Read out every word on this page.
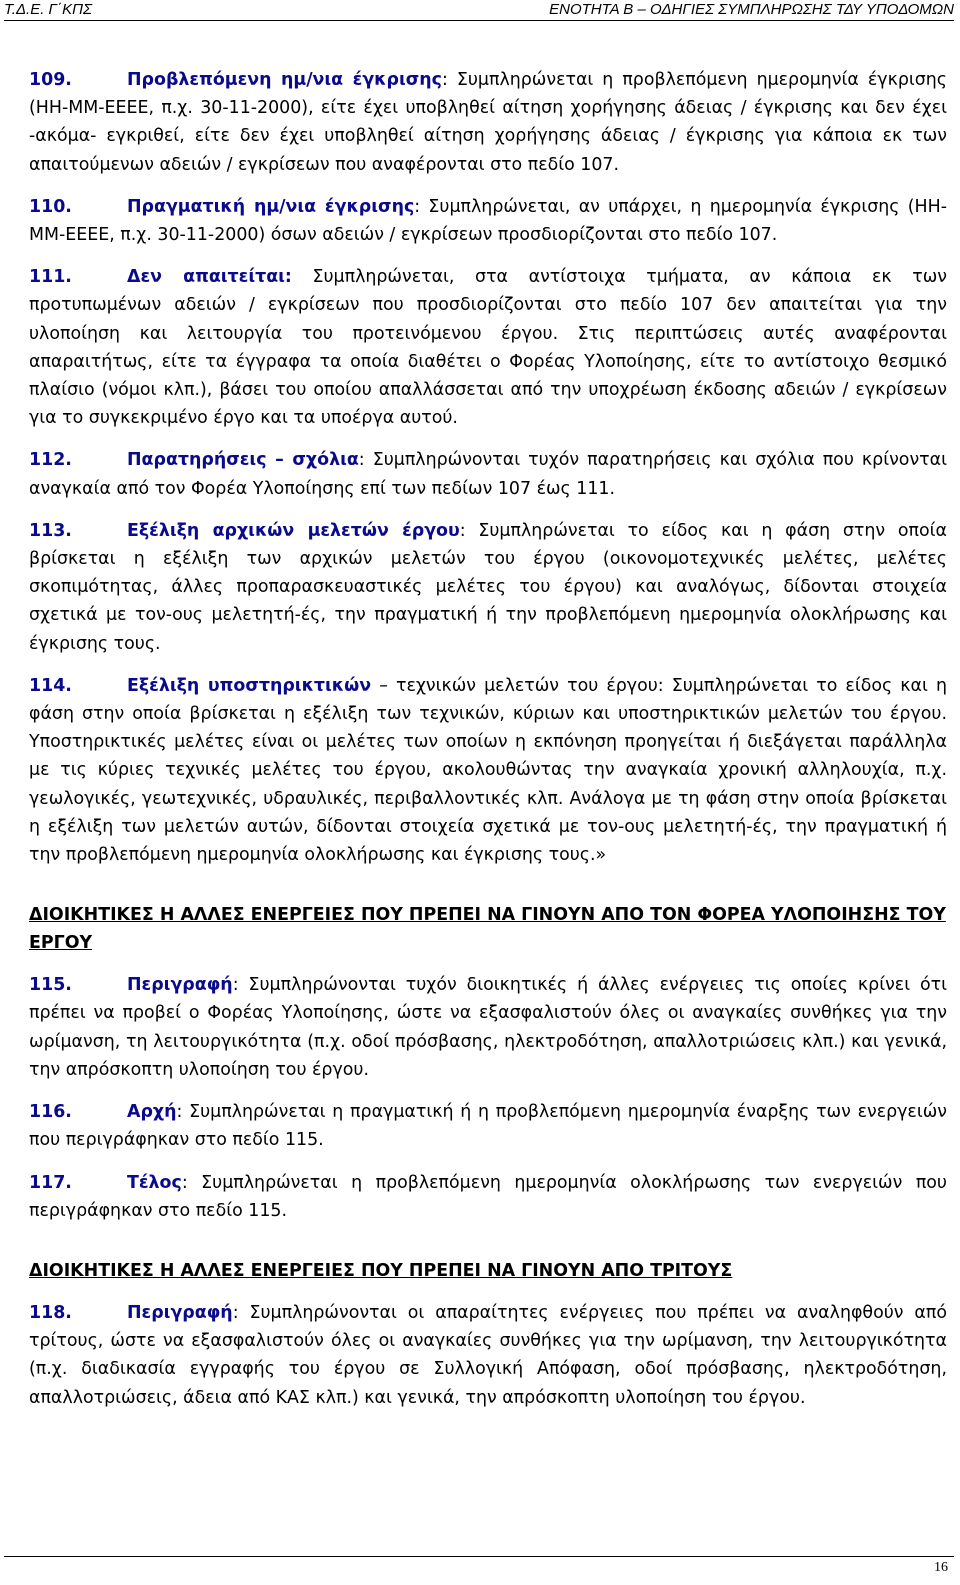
Τ.Δ.Ε. Γ΄ΚΠΣ	ΕΝΟΤΗΤΑ Β – ΟΔΗΓΙΕΣ ΣΥΜΠΛΗΡΩΣΗΣ ΤΔΥ ΥΠΟΔΟΜΩΝ

109.	Προβλεπόμενη ημ/νια έγκρισης: Συμπληρώνεται η προβλεπόμενη ημερομηνία έγκρισης (ΗΗ-ΜΜ-ΕΕΕΕ, π.χ. 30-11-2000), είτε έχει υποβληθεί αίτηση χορήγησης άδειας / έγκρισης και δεν έχει -ακόμα- εγκριθεί, είτε δεν έχει υποβληθεί αίτηση χορήγησης άδειας / έγκρισης για κάποια εκ των απαιτούμενων αδειών / εγκρίσεων που αναφέρονται στο πεδίο 107.

110.	Πραγματική ημ/νια έγκρισης: Συμπληρώνεται, αν υπάρχει, η ημερομηνία έγκρισης (ΗΗ-ΜΜ-ΕΕΕΕ, π.χ. 30-11-2000) όσων αδειών / εγκρίσεων προσδιορίζονται στο πεδίο 107.

111.	Δεν απαιτείται: Συμπληρώνεται, στα αντίστοιχα τμήματα, αν κάποια εκ των προτυπωμένων αδειών / εγκρίσεων που προσδιορίζονται στο πεδίο 107 δεν απαιτείται για την υλοποίηση και λειτουργία του προτεινόμενου έργου. Στις περιπτώσεις αυτές αναφέρονται απαραιτήτως, είτε τα έγγραφα τα οποία διαθέτει ο Φορέας Υλοποίησης, είτε το αντίστοιχο θεσμικό πλαίσιο (νόμοι κλπ.), βάσει του οποίου απαλλάσσεται από την υποχρέωση έκδοσης αδειών / εγκρίσεων για το συγκεκριμένο έργο και τα υποέργα αυτού.

112.	Παρατηρήσεις – σχόλια: Συμπληρώνονται τυχόν παρατηρήσεις και σχόλια που κρίνονται αναγκαία από τον Φορέα Υλοποίησης επί των πεδίων 107 έως 111.

113.	Εξέλιξη αρχικών μελετών έργου: Συμπληρώνεται το είδος και η φάση στην οποία βρίσκεται η εξέλιξη των αρχικών μελετών του έργου (οικονομοτεχνικές μελέτες, μελέτες σκοπιμότητας, άλλες προπαρασκευαστικές μελέτες του έργου) και αναλόγως, δίδονται στοιχεία σχετικά με τον-ους μελετητή-ές, την πραγματική ή την προβλεπόμενη ημερομηνία ολοκλήρωσης και έγκρισης τους.

114.	Εξέλιξη υποστηρικτικών – τεχνικών μελετών του έργου: Συμπληρώνεται το είδος και η φάση στην οποία βρίσκεται η εξέλιξη των τεχνικών, κύριων και υποστηρικτικών μελετών του έργου. Υποστηρικτικές μελέτες είναι οι μελέτες των οποίων η εκπόνηση προηγείται ή διεξάγεται παράλληλα με τις κύριες τεχνικές μελέτες του έργου, ακολουθώντας την αναγκαία χρονική αλληλουχία, π.χ. γεωλογικές, γεωτεχνικές, υδραυλικές, περιβαλλοντικές κλπ. Ανάλογα με τη φάση στην οποία βρίσκεται η εξέλιξη των μελετών αυτών, δίδονται στοιχεία σχετικά με τον-ους μελετητή-ές, την πραγματική ή την προβλεπόμενη ημερομηνία ολοκλήρωσης και έγκρισης τους.»

ΔΙΟΙΚΗΤΙΚΕΣ Η ΑΛΛΕΣ ΕΝΕΡΓΕΙΕΣ ΠΟΥ ΠΡΕΠΕΙ ΝΑ ΓΙΝΟΥΝ ΑΠΟ ΤΟΝ ΦΟΡΕΑ ΥΛΟΠΟΙΗΣΗΣ ΤΟΥ ΕΡΓΟΥ

115.	Περιγραφή: Συμπληρώνονται τυχόν διοικητικές ή άλλες ενέργειες τις οποίες κρίνει ότι πρέπει να προβεί ο Φορέας Υλοποίησης, ώστε να εξασφαλιστούν όλες οι αναγκαίες συνθήκες για την ωρίμανση, τη λειτουργικότητα (π.χ. οδοί πρόσβασης, ηλεκτροδότηση, απαλλοτριώσεις κλπ.) και γενικά, την απρόσκοπτη υλοποίηση του έργου.

116.	Αρχή: Συμπληρώνεται η πραγματική ή η προβλεπόμενη ημερομηνία έναρξης των ενεργειών που περιγράφηκαν στο πεδίο 115.

117.	Τέλος: Συμπληρώνεται η προβλεπόμενη ημερομηνία ολοκλήρωσης των ενεργειών που περιγράφηκαν στο πεδίο 115.

ΔΙΟΙΚΗΤΙΚΕΣ Η ΑΛΛΕΣ ΕΝΕΡΓΕΙΕΣ ΠΟΥ ΠΡΕΠΕΙ ΝΑ ΓΙΝΟΥΝ ΑΠΟ ΤΡΙΤΟΥΣ

118.	Περιγραφή: Συμπληρώνονται οι απαραίτητες ενέργειες που πρέπει να αναληφθούν από τρίτους, ώστε να εξασφαλιστούν όλες οι αναγκαίες συνθήκες για την ωρίμανση, την λειτουργικότητα (π.χ. διαδικασία εγγραφής του έργου σε Συλλογική Απόφαση, οδοί πρόσβασης, ηλεκτροδότηση, απαλλοτριώσεις, άδεια από ΚΑΣ κλπ.) και γενικά, την απρόσκοπτη υλοποίηση του έργου.

16
